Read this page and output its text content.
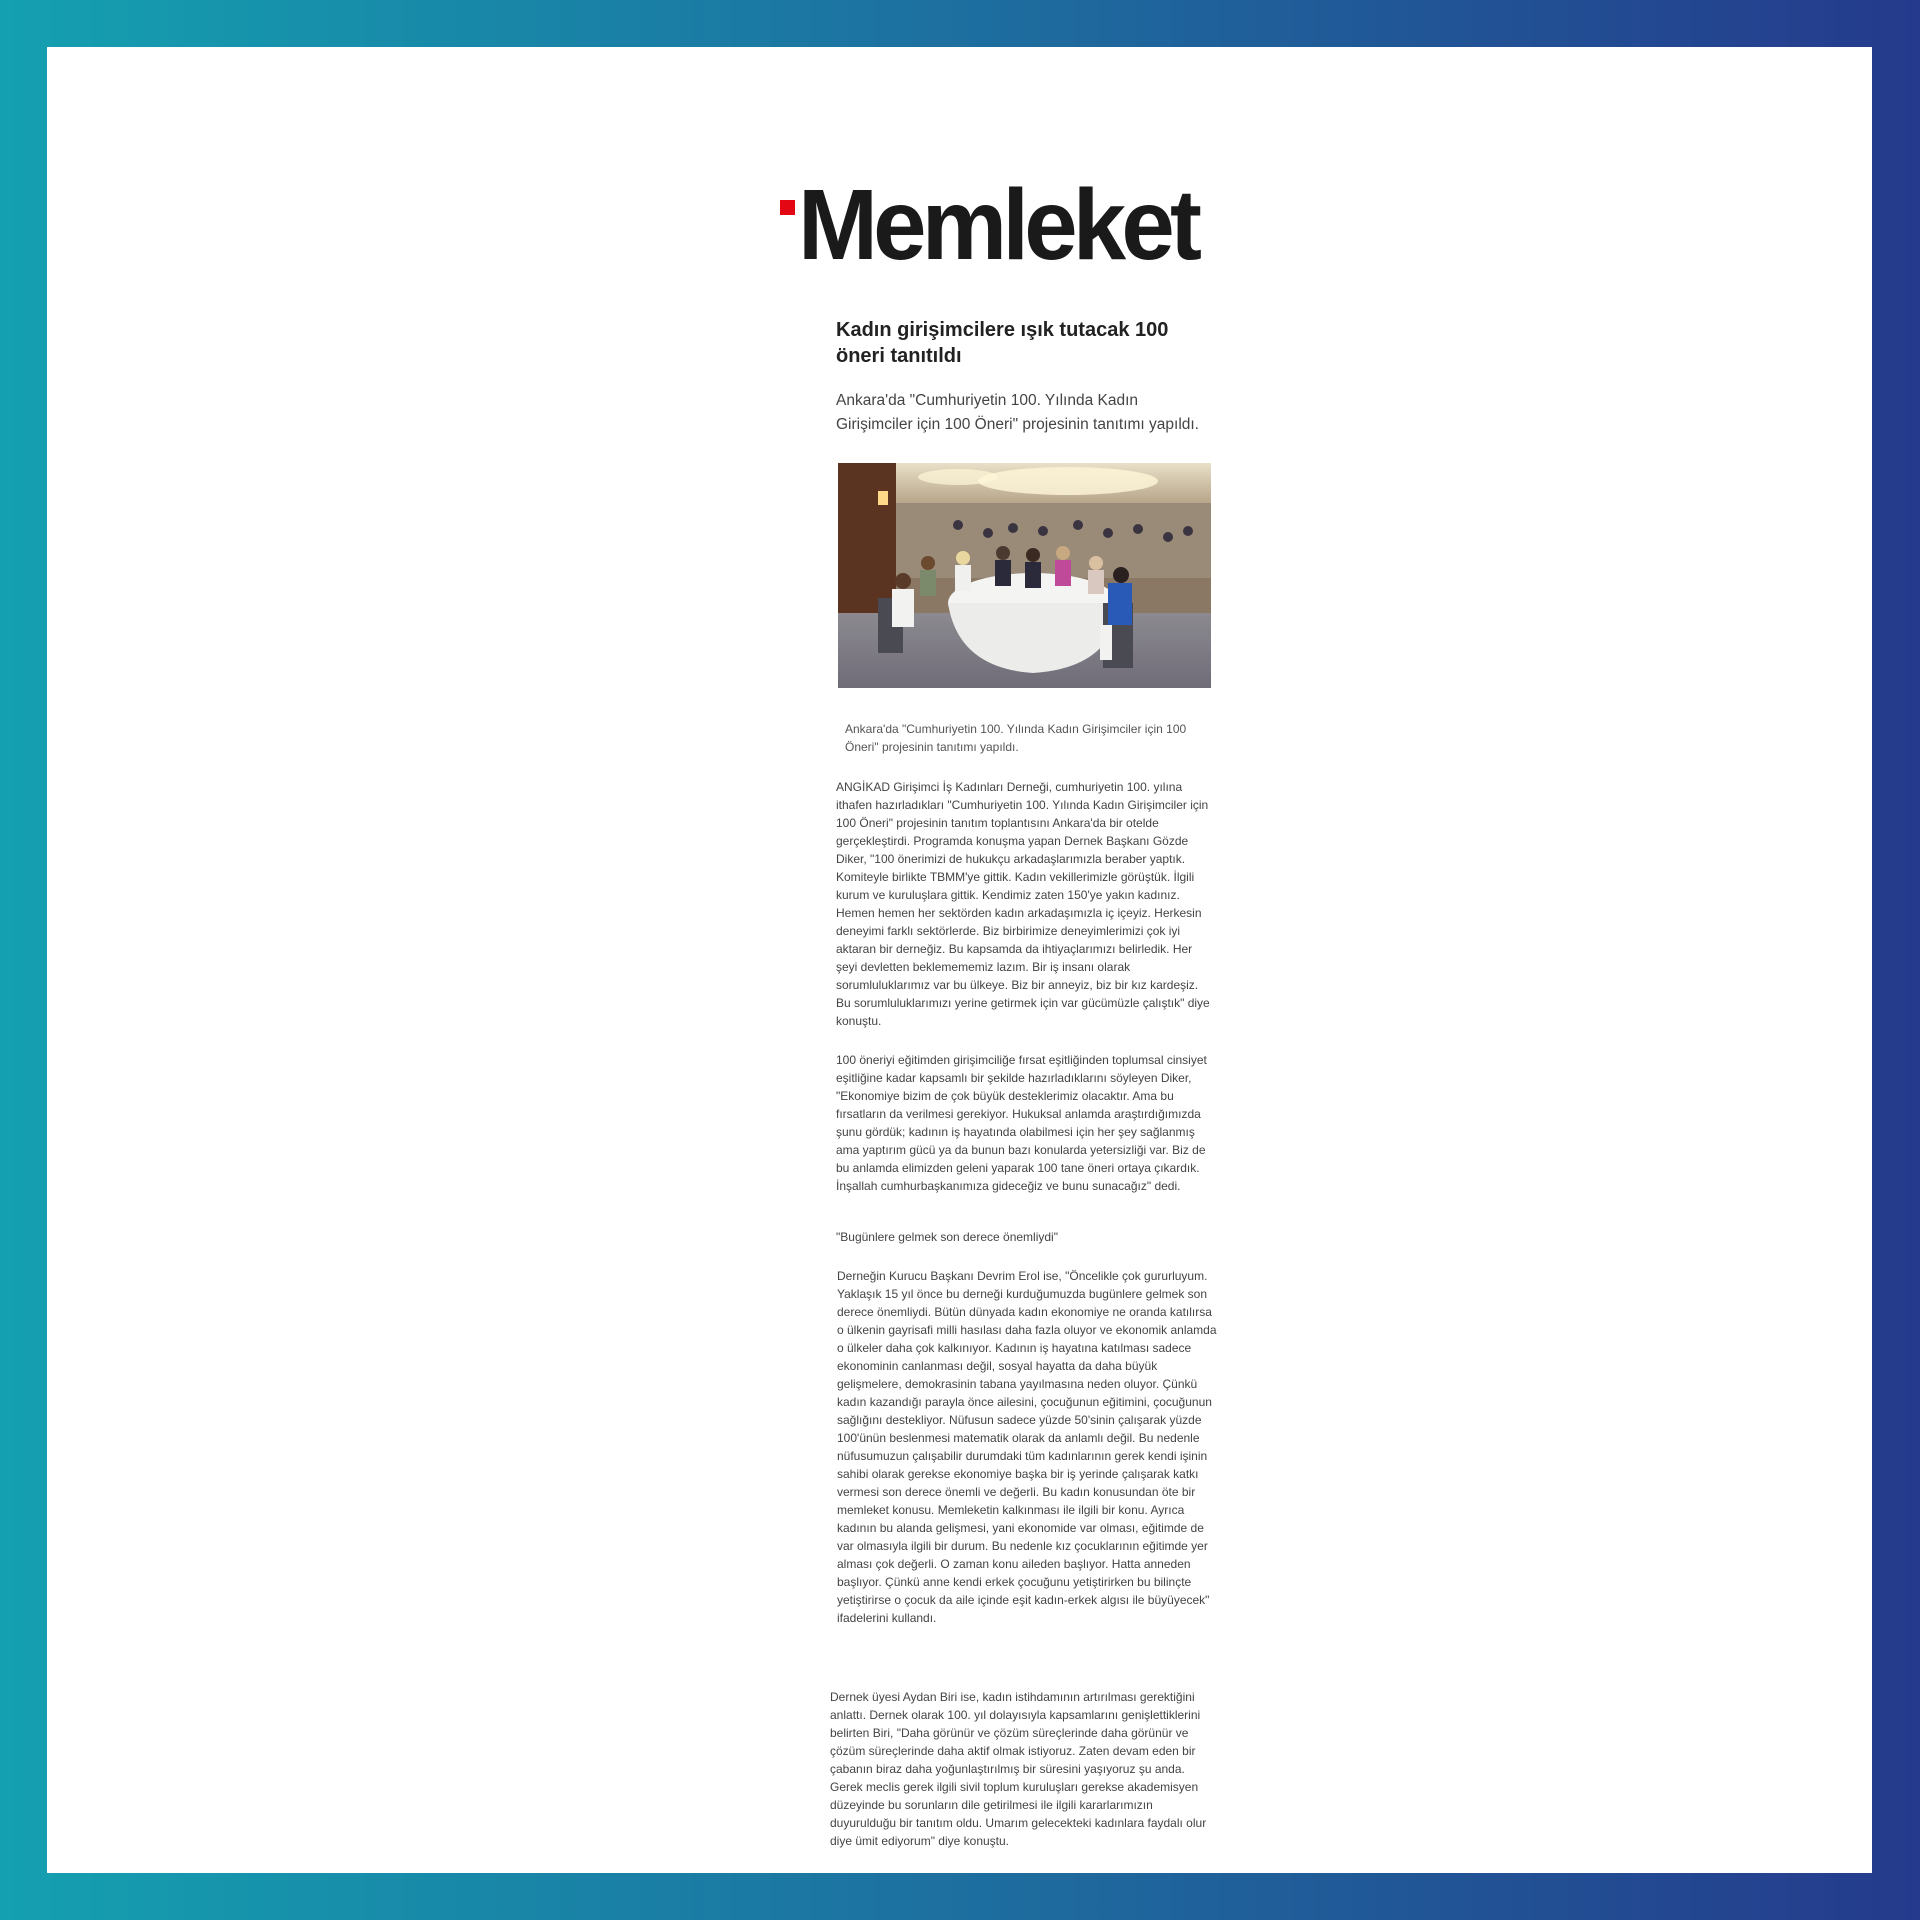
Memleket
Kadın girişimcilere ışık tutacak 100 öneri tanıtıldı
Ankara'da "Cumhuriyetin 100. Yılında Kadın Girişimciler için 100 Öneri" projesinin tanıtımı yapıldı.
Ankara'da "Cumhuriyetin 100. Yılında Kadın Girişimciler için 100 Öneri" projesinin tanıtımı yapıldı.
ANGİKAD Girişimci İş Kadınları Derneği, cumhuriyetin 100. yılına ithafen hazırladıkları "Cumhuriyetin 100. Yılında Kadın Girişimciler için 100 Öneri" projesinin tanıtım toplantısını Ankara'da bir otelde gerçekleştirdi. Programda konuşma yapan Dernek Başkanı Gözde Diker, "100 önerimizi de hukukçu arkadaşlarımızla beraber yaptık. Komiteyle birlikte TBMM'ye gittik. Kadın vekillerimizle görüştük. İlgili kurum ve kuruluşlara gittik. Kendimiz zaten 150'ye yakın kadınız. Hemen hemen her sektörden kadın arkadaşımızla iç içeyiz. Herkesin deneyimi farklı sektörlerde. Biz birbirimize deneyimlerimizi çok iyi aktaran bir derneğiz. Bu kapsamda da ihtiyaçlarımızı belirledik. Her şeyi devletten beklemememiz lazım. Bir iş insanı olarak sorumluluklarımız var bu ülkeye. Biz bir anneyiz, biz bir kız kardeşiz. Bu sorumluluklarımızı yerine getirmek için var gücümüzle çalıştık" diye konuştu.
100 öneriyi eğitimden girişimciliğe fırsat eşitliğinden toplumsal cinsiyet eşitliğine kadar kapsamlı bir şekilde hazırladıklarını söyleyen Diker, "Ekonomiye bizim de çok büyük desteklerimiz olacaktır. Ama bu fırsatların da verilmesi gerekiyor. Hukuksal anlamda araştırdığımızda şunu gördük; kadının iş hayatında olabilmesi için her şey sağlanmış ama yaptırım gücü ya da bunun bazı konularda yetersizliği var. Biz de bu anlamda elimizden geleni yaparak 100 tane öneri ortaya çıkardık. İnşallah cumhurbaşkanımıza gideceğiz ve bunu sunacağız" dedi.
"Bugünlere gelmek son derece önemliydi"
Derneğin Kurucu Başkanı Devrim Erol ise, "Öncelikle çok gururluyum. Yaklaşık 15 yıl önce bu derneği kurduğumuzda bugünlere gelmek son derece önemliydi. Bütün dünyada kadın ekonomiye ne oranda katılırsa o ülkenin gayrisafi milli hasılası daha fazla oluyor ve ekonomik anlamda o ülkeler daha çok kalkınıyor. Kadının iş hayatına katılması sadece ekonominin canlanması değil, sosyal hayatta da daha büyük gelişmelere, demokrasinin tabana yayılmasına neden oluyor. Çünkü kadın kazandığı parayla önce ailesini, çocuğunun eğitimini, çocuğunun sağlığını destekliyor. Nüfusun sadece yüzde 50'sinin çalışarak yüzde 100'ünün beslenmesi matematik olarak da anlamlı değil. Bu nedenle nüfusumuzun çalışabilir durumdaki tüm kadınlarının gerek kendi işinin sahibi olarak gerekse ekonomiye başka bir iş yerinde çalışarak katkı vermesi son derece önemli ve değerli. Bu kadın konusundan öte bir memleket konusu. Memleketin kalkınması ile ilgili bir konu. Ayrıca kadının bu alanda gelişmesi, yani ekonomide var olması, eğitimde de var olmasıyla ilgili bir durum. Bu nedenle kız çocuklarının eğitimde yer alması çok değerli. O zaman konu aileden başlıyor. Hatta anneden başlıyor. Çünkü anne kendi erkek çocuğunu yetiştirirken bu bilinçte yetiştirirse o çocuk da aile içinde eşit kadın-erkek algısı ile büyüyecek" ifadelerini kullandı.
Dernek üyesi Aydan Biri ise, kadın istihdamının artırılması gerektiğini anlattı. Dernek olarak 100. yıl dolayısıyla kapsamlarını genişlettiklerini belirten Biri, "Daha görünür ve çözüm süreçlerinde daha görünür ve çözüm süreçlerinde daha aktif olmak istiyoruz. Zaten devam eden bir çabanın biraz daha yoğunlaştırılmış bir süresini yaşıyoruz şu anda. Gerek meclis gerek ilgili sivil toplum kuruluşları gerekse akademisyen düzeyinde bu sorunların dile getirilmesi ile ilgili kararlarımızın duyurulduğu bir tanıtım oldu. Umarım gelecekteki kadınlara faydalı olur diye ümit ediyorum" diye konuştu.
